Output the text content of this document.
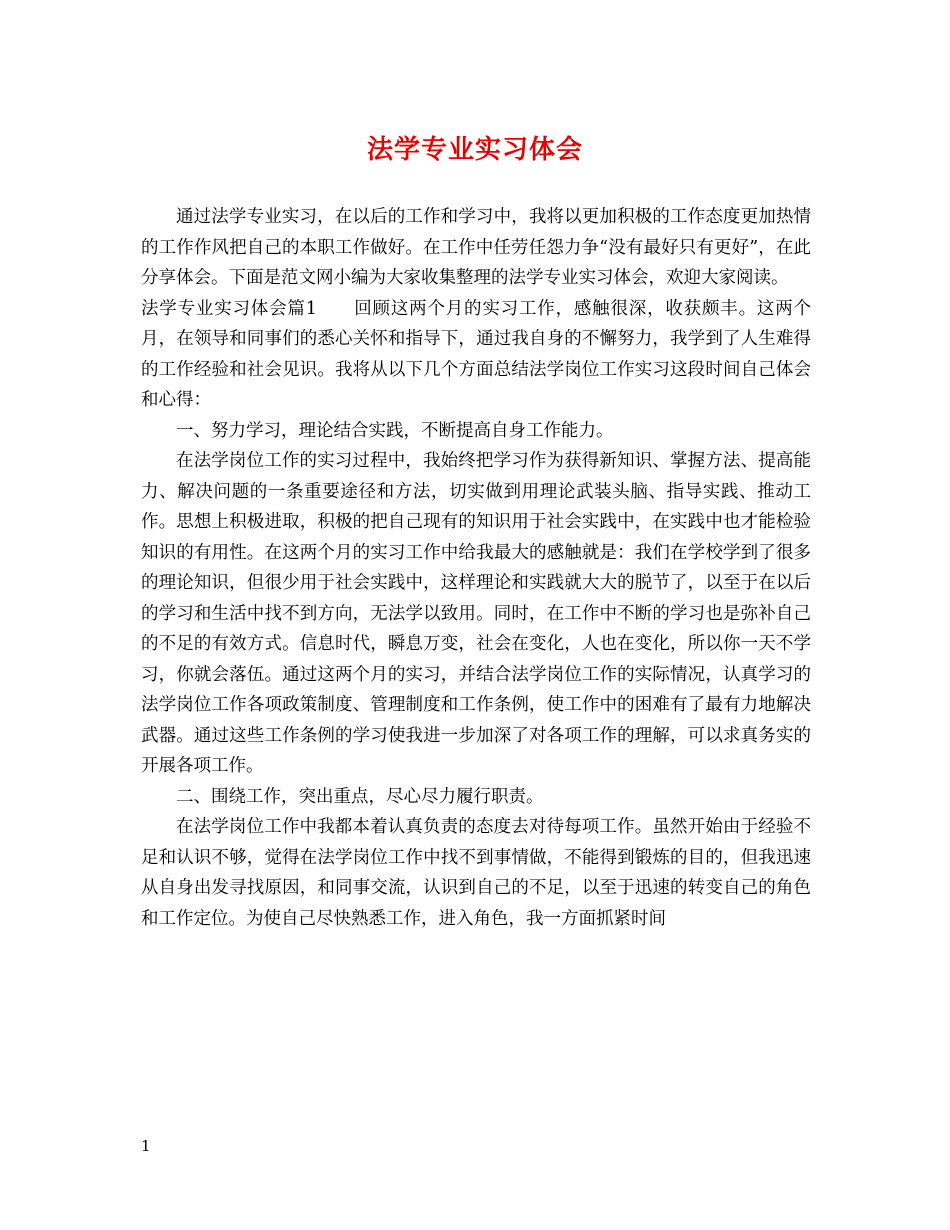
法学专业实习体会

通过法学专业实习，在以后的工作和学习中，我将以更加积极的工作态度更加热情的工作作风把自己的本职工作做好。在工作中任劳任怨力争“没有最好只有更好”，在此分享体会。下面是范文网小编为大家收集整理的法学专业实习体会，欢迎大家阅读。

法学专业实习体会篇1　　回顾这两个月的实习工作，感触很深，收获颇丰。这两个月，在领导和同事们的悉心关怀和指导下，通过我自身的不懈努力，我学到了人生难得的工作经验和社会见识。我将从以下几个方面总结法学岗位工作实习这段时间自己体会和心得：

一、努力学习，理论结合实践，不断提高自身工作能力。

在法学岗位工作的实习过程中，我始终把学习作为获得新知识、掌握方法、提高能力、解决问题的一条重要途径和方法，切实做到用理论武装头脑、指导实践、推动工作。思想上积极进取，积极的把自己现有的知识用于社会实践中，在实践中也才能检验知识的有用性。在这两个月的实习工作中给我最大的感触就是：我们在学校学到了很多的理论知识，但很少用于社会实践中，这样理论和实践就大大的脱节了，以至于在以后的学习和生活中找不到方向，无法学以致用。同时，在工作中不断的学习也是弥补自己的不足的有效方式。信息时代，瞬息万变，社会在变化，人也在变化，所以你一天不学习，你就会落伍。通过这两个月的实习，并结合法学岗位工作的实际情况，认真学习的法学岗位工作各项政策制度、管理制度和工作条例，使工作中的困难有了最有力地解决武器。通过这些工作条例的学习使我进一步加深了对各项工作的理解，可以求真务实的开展各项工作。

二、围绕工作，突出重点，尽心尽力履行职责。

在法学岗位工作中我都本着认真负责的态度去对待每项工作。虽然开始由于经验不足和认识不够，觉得在法学岗位工作中找不到事情做，不能得到锻炼的目的，但我迅速从自身出发寻找原因，和同事交流，认识到自己的不足，以至于迅速的转变自己的角色和工作定位。为使自己尽快熟悉工作，进入角色，我一方面抓紧时间

1
